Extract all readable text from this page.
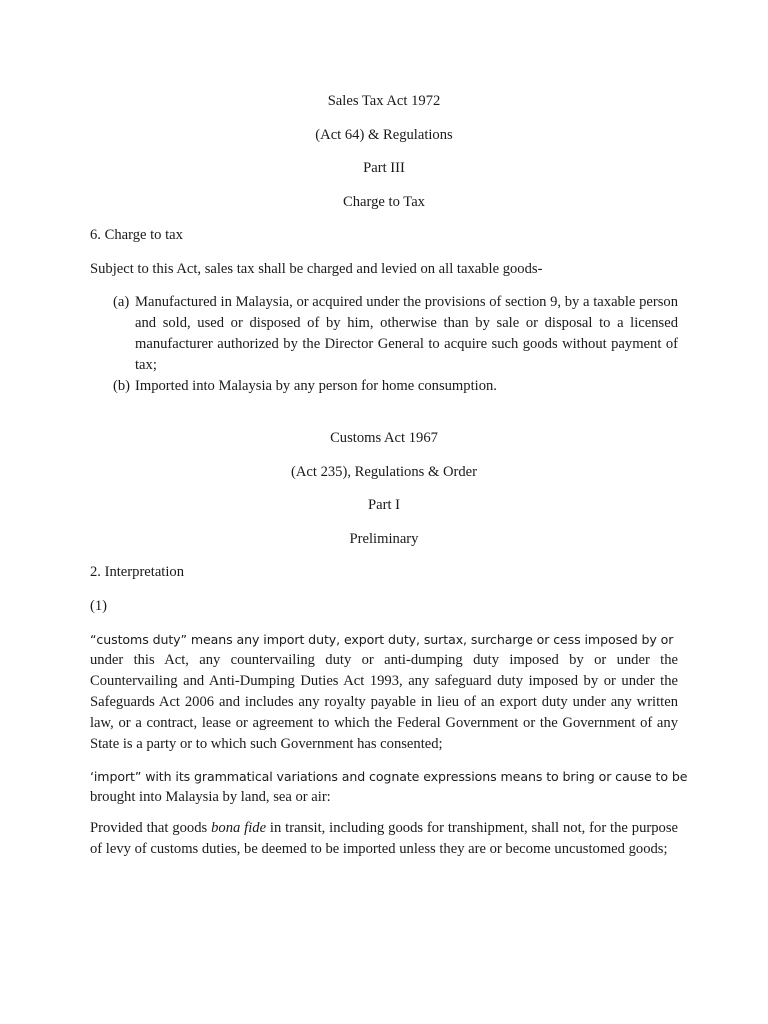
Sales Tax Act 1972
(Act 64) & Regulations
Part III
Charge to Tax
6. Charge to tax
Subject to this Act, sales tax shall be charged and levied on all taxable goods-
(a) Manufactured in Malaysia, or acquired under the provisions of section 9, by a taxable person and sold, used or disposed of by him, otherwise than by sale or disposal to a licensed manufacturer authorized by the Director General to acquire such goods without payment of tax;
(b) Imported into Malaysia by any person for home consumption.
Customs Act 1967
(Act 235), Regulations & Order
Part I
Preliminary
2. Interpretation
(1)
“customs duty” means any import duty, export duty, surtax, surcharge or cess imposed by or
under this Act, any countervailing duty or anti-dumping duty imposed by or under the Countervailing and Anti-Dumping Duties Act 1993, any safeguard duty imposed by or under the Safeguards Act 2006 and includes any royalty payable in lieu of an export duty under any written law, or a contract, lease or agreement to which the Federal Government or the Government of any State is a party or to which such Government has consented;
‘import” with its grammatical variations and cognate expressions means to bring or cause to be
brought into Malaysia by land, sea or air:
Provided that goods bona fide in transit, including goods for transhipment, shall not, for the purpose of levy of customs duties, be deemed to be imported unless they are or become uncustomed goods;
